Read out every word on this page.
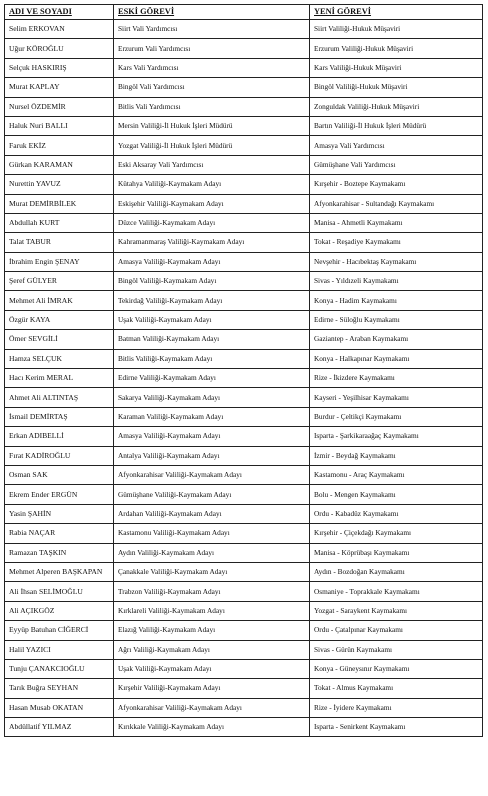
ADI VE SOYADI	ESKİ GÖREVİ	YENİ GÖREVİ
Selim ERKOVAN	Siirt Vali Yardımcısı	Siirt Valiliği-Hukuk Müşaviri
Uğur KÖROĞLU	Erzurum Vali Yardımcısı	Erzurum Valiliği-Hukuk Müşaviri
Selçuk HASKIRIŞ	Kars Vali Yardımcısı	Kars Valiliği-Hukuk Müşaviri
Murat KAPLAY	Bingöl Vali Yardımcısı	Bingöl Valiliği-Hukuk Müşaviri
Nursel ÖZDEMİR	Bitlis Vali Yardımcısı	Zonguldak Valiliği-Hukuk Müşaviri
Haluk Nuri BALLI	Mersin Valiliği-İl Hukuk İşleri Müdürü	Bartın Valiliği-İl Hukuk İşleri Müdürü
Faruk EKİZ	Yozgat Valiliği-İl Hukuk İşleri Müdürü	Amasya Vali Yardımcısı
Gürkan KARAMAN	Eski Aksaray Vali Yardımcısı	Gümüşhane Vali Yardımcısı
Nurettin YAVUZ	Kütahya Valiliği-Kaymakam Adayı	Kırşehir - Boztepe Kaymakamı
Murat DEMİRBİLEK	Eskişehir Valiliği-Kaymakam Adayı	Afyonkarahisar - Sultandağı Kaymakamı
Abdullah KURT	Düzce Valiliği-Kaymakam Adayı	Manisa - Ahmetli Kaymakamı
Talat TABUR	Kahramanmaraş Valiliği-Kaymakam Adayı	Tokat - Reşadiye Kaymakamı
İbrahim Engin ŞENAY	Amasya Valiliği-Kaymakam Adayı	Nevşehir - Hacıbektaş Kaymakamı
Şeref GÜLYER	Bingöl Valiliği-Kaymakam Adayı	Sivas - Yıldızeli Kaymakamı
Mehmet Ali İMRAK	Tekirdağ Valiliği-Kaymakam Adayı	Konya - Hadim Kaymakamı
Özgür KAYA	Uşak Valiliği-Kaymakam Adayı	Edirne - Süloğlu Kaymakamı
Ömer SEVGİLİ	Batman Valiliği-Kaymakam Adayı	Gaziantep - Araban Kaymakamı
Hamza SELÇUK	Bitlis Valiliği-Kaymakam Adayı	Konya - Halkapınar Kaymakamı
Hacı Kerim MERAL	Edirne Valiliği-Kaymakam Adayı	Rize - İkizdere Kaymakamı
Ahmet Ali ALTINTAŞ	Sakarya Valiliği-Kaymakam Adayı	Kayseri - Yeşilhisar Kaymakamı
İsmail DEMİRTAŞ	Karaman Valiliği-Kaymakam Adayı	Burdur - Çeltikçi Kaymakamı
Erkan ADIBELLİ	Amasya Valiliği-Kaymakam Adayı	Isparta - Şarkikaraağaç Kaymakamı
Fırat KADİROĞLU	Antalya Valiliği-Kaymakam Adayı	İzmir - Beydağ Kaymakamı
Osman SAK	Afyonkarahisar Valiliği-Kaymakam Adayı	Kastamonu - Araç Kaymakamı
Ekrem Ender ERGÜN	Gümüşhane Valiliği-Kaymakam Adayı	Bolu - Mengen Kaymakamı
Yasin ŞAHİN	Ardahan Valiliği-Kaymakam Adayı	Ordu - Kabadüz Kaymakamı
Rabia NAÇAR	Kastamonu Valiliği-Kaymakam Adayı	Kırşehir - Çiçekdağı Kaymakamı
Ramazan TAŞKIN	Aydın Valiliği-Kaymakam Adayı	Manisa - Köprübaşı Kaymakamı
Mehmet Alperen BAŞKAPAN	Çanakkale Valiliği-Kaymakam Adayı	Aydın - Bozdoğan Kaymakamı
Ali İhsan SELİMOĞLU	Trabzon Valiliği-Kaymakam Adayı	Osmaniye - Toprakkale Kaymakamı
Ali AÇIKGÖZ	Kırklareli Valiliği-Kaymakam Adayı	Yozgat - Saraykent Kaymakamı
Eyyüp Batuhan CİĞERCİ	Elazığ Valiliği-Kaymakam Adayı	Ordu - Çatalpınar Kaymakamı
Halil YAZICI	Ağrı Valiliği-Kaymakam Adayı	Sivas - Gürün Kaymakamı
Tunju ÇANAKCIOĞLU	Uşak Valiliği-Kaymakam Adayı	Konya - Güneysınır Kaymakamı
Tarık Buğra SEYHAN	Kırşehir Valiliği-Kaymakam Adayı	Tokat - Almus Kaymakamı
Hasan Musab OKATAN	Afyonkarahisar Valiliği-Kaymakam Adayı	Rize - İyidere Kaymakamı
Abdüllatif YILMAZ	Kırıkkale Valiliği-Kaymakam Adayı	Isparta - Senirkent Kaymakamı
